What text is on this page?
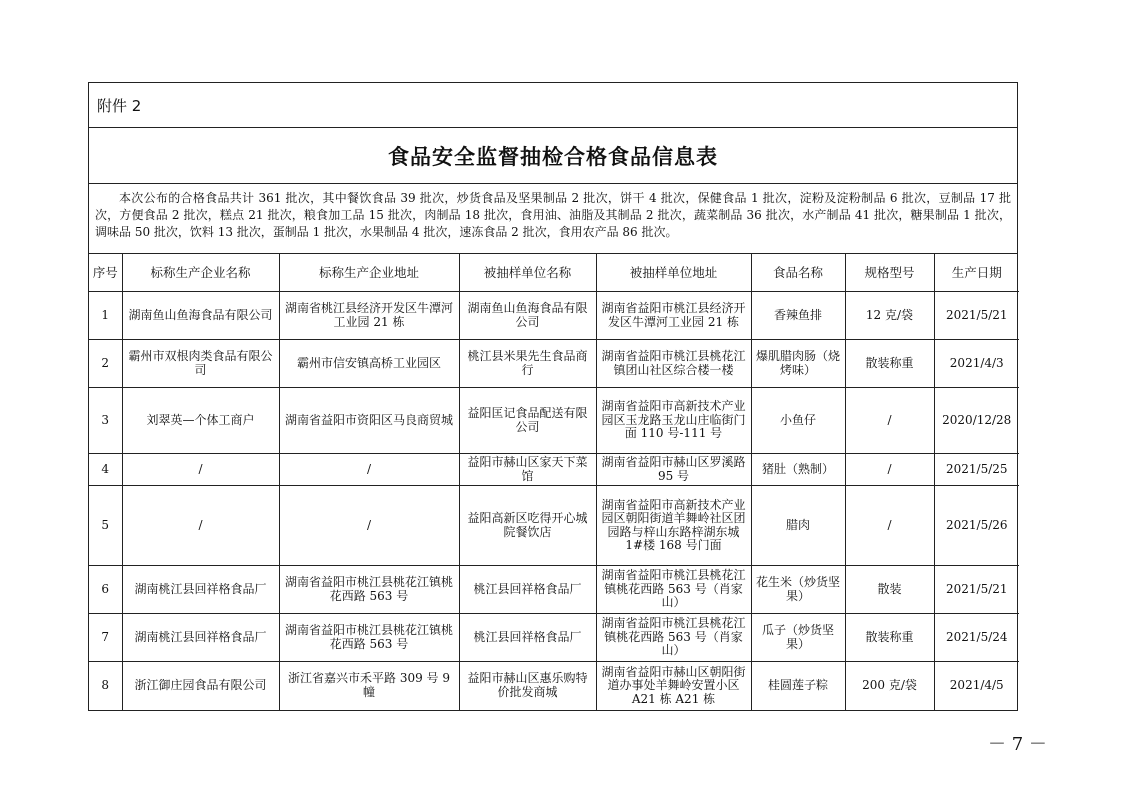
附件 2
食品安全监督抽检合格食品信息表
本次公布的合格食品共计 361 批次，其中餐饮食品 39 批次，炒货食品及坚果制品 2 批次，饼干 4 批次，保健食品 1 批次，淀粉及淀粉制品 6 批次，豆制品 17 批次，方便食品 2 批次，糕点 21 批次，粮食加工品 15 批次，肉制品 18 批次，食用油、油脂及其制品 2 批次，蔬菜制品 36 批次，水产制品 41 批次，糖果制品 1 批次，调味品 50 批次，饮料 13 批次，蛋制品 1 批次，水果制品 4 批次，速冻食品 2 批次，食用农产品 86 批次。
序号	标称生产企业名称	标称生产企业地址	被抽样单位名称	被抽样单位地址	食品名称	规格型号	生产日期
1	湖南鱼山鱼海食品有限公司	湖南省桃江县经济开发区牛潭河工业园 21 栋	湖南鱼山鱼海食品有限公司	湖南省益阳市桃江县经济开发区牛潭河工业园 21 栋	香辣鱼排	12 克/袋	2021/5/21
2	霸州市双根肉类食品有限公司	霸州市信安镇高桥工业园区	桃江县米果先生食品商行	湖南省益阳市桃江县桃花江镇团山社区综合楼一楼	爆肌腊肉肠（烧烤味）	散装称重	2021/4/3
3	刘翠英—个体工商户	湖南省益阳市资阳区马良商贸城	益阳匡记食品配送有限公司	湖南省益阳市高新技术产业园区玉龙路玉龙山庄临街门面 110 号-111 号	小鱼仔	/	2020/12/28
4	/	/	益阳市赫山区家天下菜馆	湖南省益阳市赫山区罗溪路 95 号	猪肚（熟制）	/	2021/5/25
5	/	/	益阳高新区吃得开心城院餐饮店	湖南省益阳市高新技术产业园区朝阳街道羊舞岭社区团园路与梓山东路梓湖东城 1#楼 168 号门面	腊肉	/	2021/5/26
6	湖南桃江县回祥格食品厂	湖南省益阳市桃江县桃花江镇桃花西路 563 号	桃江县回祥格食品厂	湖南省益阳市桃江县桃花江镇桃花西路 563 号（肖家山）	花生米（炒货坚果）	散装	2021/5/21
7	湖南桃江县回祥格食品厂	湖南省益阳市桃江县桃花江镇桃花西路 563 号	桃江县回祥格食品厂	湖南省益阳市桃江县桃花江镇桃花西路 563 号（肖家山）	瓜子（炒货坚果）	散装称重	2021/5/24
8	浙江御庄园食品有限公司	浙江省嘉兴市禾平路 309 号 9 幢	益阳市赫山区惠乐购特价批发商城	湖南省益阳市赫山区朝阳街道办事处羊舞岭安置小区 A21 栋 A21 栋	桂圆莲子粽	200 克/袋	2021/4/5
－ 7 －
